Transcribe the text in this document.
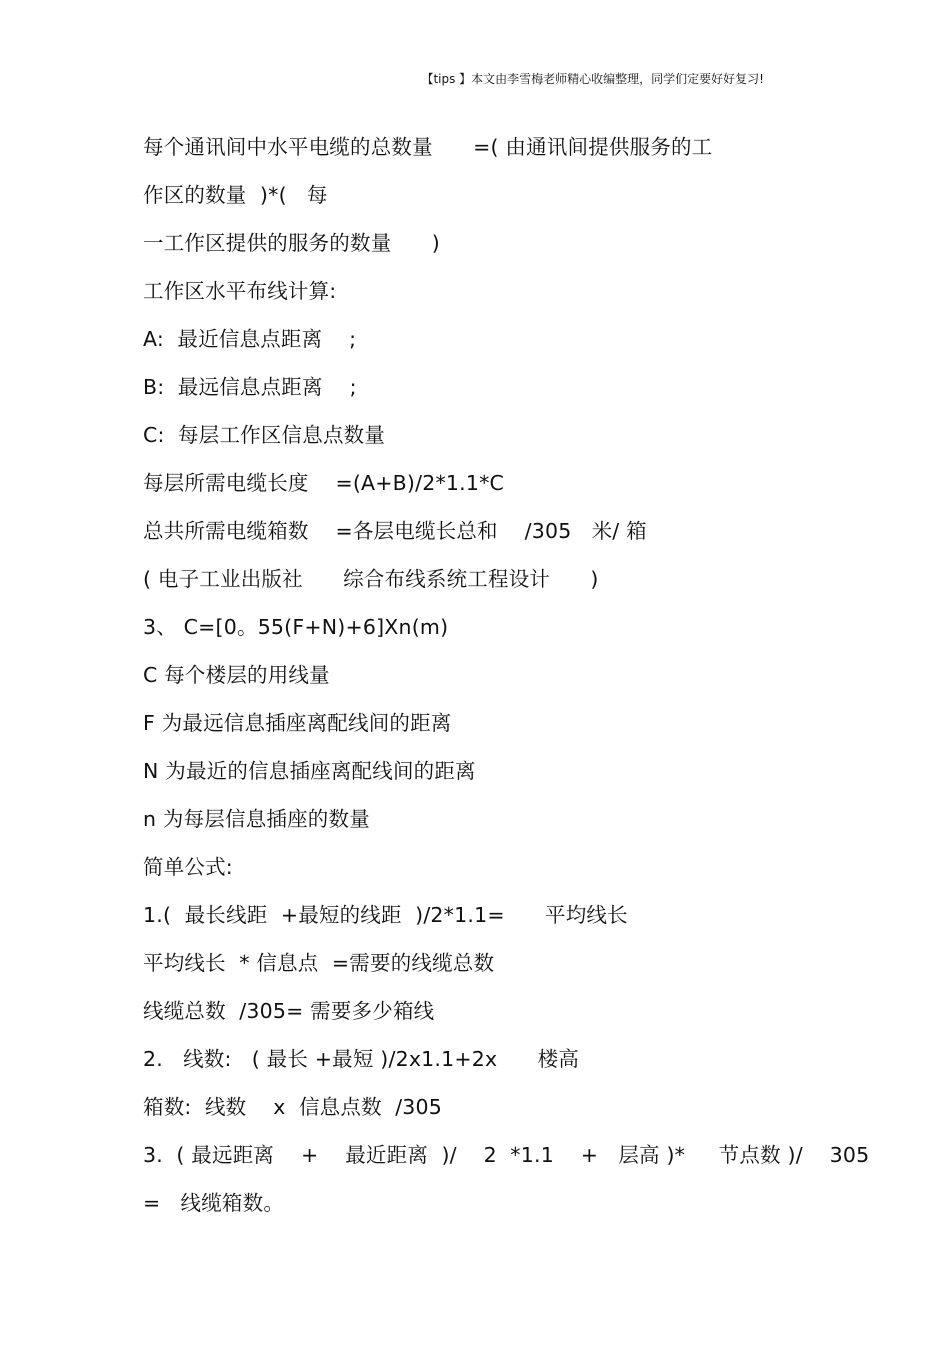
【tips 】本文由李雪梅老师精心收编整理，同学们定要好好复习!
每个通讯间中水平电缆的总数量      =( 由通讯间提供服务的工
作区的数量  )*(   每
一工作区提供的服务的数量      )
工作区水平布线计算:
A:  最近信息点距离    ;
B:  最远信息点距离    ;
C:  每层工作区信息点数量
每层所需电缆长度    =(A+B)/2*1.1*C
总共所需电缆箱数    =各层电缆长总和    /305   米/ 箱
( 电子工业出版社      综合布线系统工程设计      )
3、 C=[0。55(F+N)+6]Xn(m)
C 每个楼层的用线量
F 为最远信息插座离配线间的距离
N 为最近的信息插座离配线间的距离
n 为每层信息插座的数量
简单公式:
1.(  最长线距  +最短的线距  )/2*1.1=      平均线长
平均线长  * 信息点  =需要的线缆总数
线缆总数  /305= 需要多少箱线
2.   线数:   ( 最长 +最短 )/2x1.1+2x      楼高
箱数:  线数    x  信息点数  /305
3.  ( 最远距离    +    最近距离  )/    2  *1.1    +   层高 )*     节点数 )/    305
=   线缆箱数。
